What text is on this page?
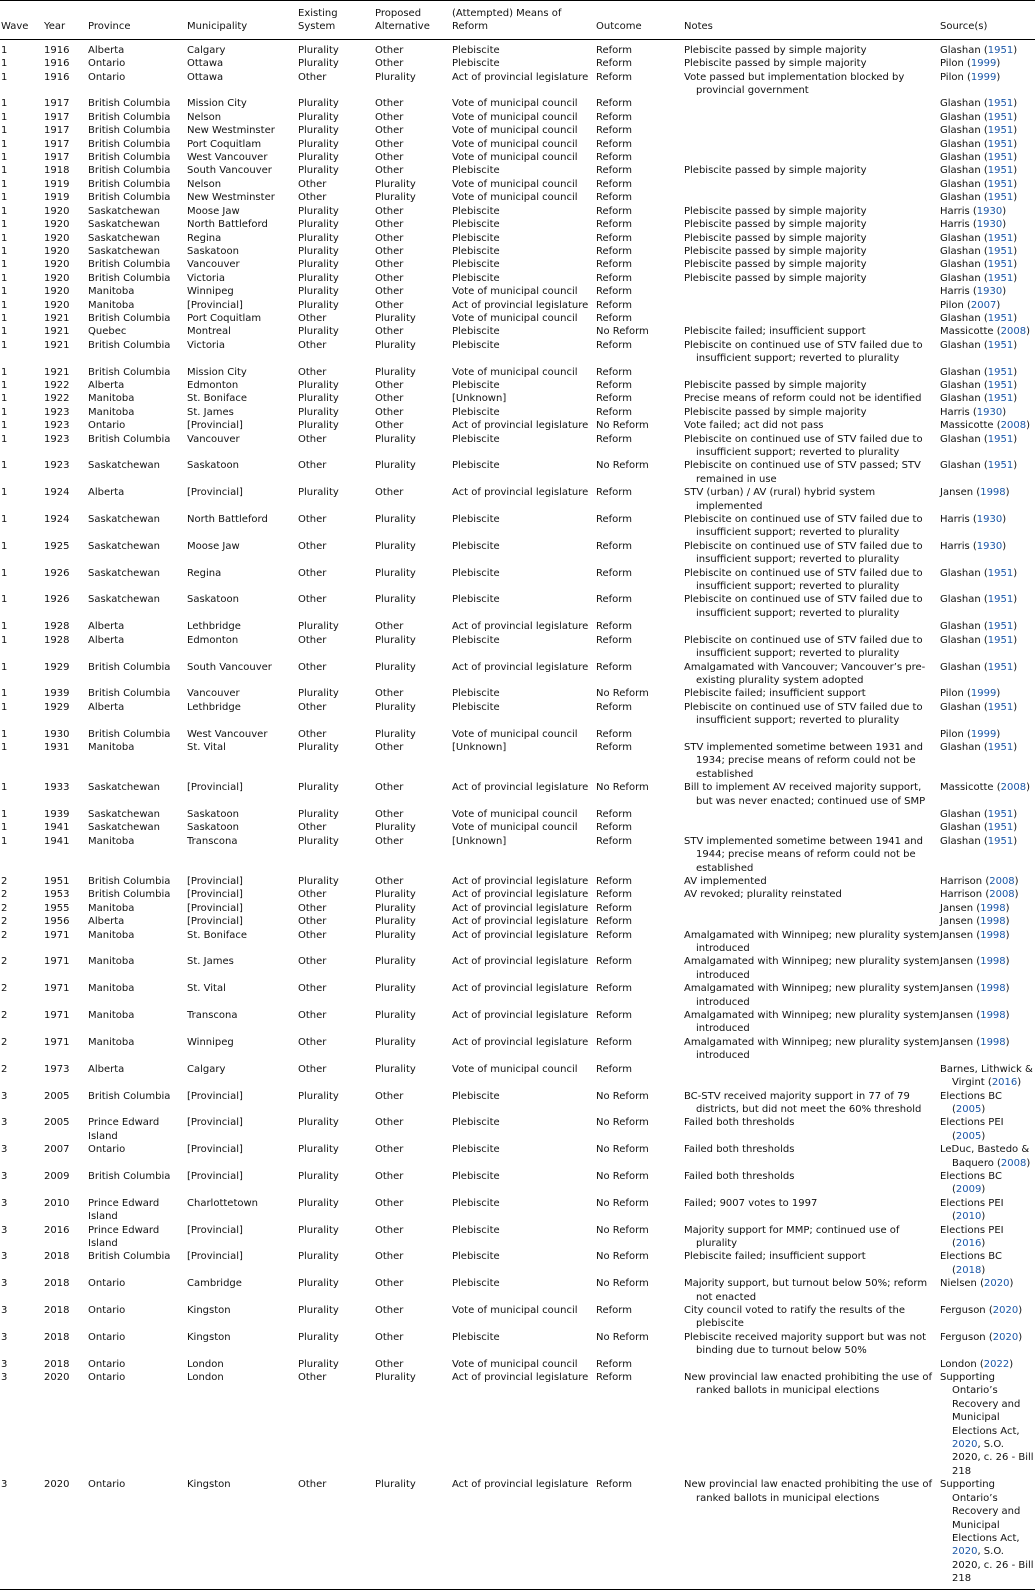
Wave	Year	Province	Municipality	Existing System	Proposed Alternative	(Attempted) Means of Reform	Outcome	Notes	Source(s)
1	1916	Alberta	Calgary	Plurality	Other	Plebiscite	Reform	Plebiscite passed by simple majority	Glashan (1951)

1	1916	Ontario	Ottawa	Plurality	Other	Plebiscite	Reform	Plebiscite passed by simple majority	Pilon (1999)

1	1916	Ontario	Ottawa	Other	Plurality	Act of provincial legislature	Reform	Vote passed but implementation blocked by provincial government	Pilon (1999)

1	1917	British Columbia	Mission City	Plurality	Other	Vote of municipal council	Reform		Glashan (1951)

1	1917	British Columbia	Nelson	Plurality	Other	Vote of municipal council	Reform		Glashan (1951)

1	1917	British Columbia	New Westminster	Plurality	Other	Vote of municipal council	Reform		Glashan (1951)

1	1917	British Columbia	Port Coquitlam	Plurality	Other	Vote of municipal council	Reform		Glashan (1951)

1	1917	British Columbia	West Vancouver	Plurality	Other	Vote of municipal council	Reform		Glashan (1951)

1	1918	British Columbia	South Vancouver	Plurality	Other	Plebiscite	Reform	Plebiscite passed by simple majority	Glashan (1951)

1	1919	British Columbia	Nelson	Other	Plurality	Vote of municipal council	Reform		Glashan (1951)

1	1919	British Columbia	New Westminster	Other	Plurality	Vote of municipal council	Reform		Glashan (1951)

1	1920	Saskatchewan	Moose Jaw	Plurality	Other	Plebiscite	Reform	Plebiscite passed by simple majority	Harris (1930)

1	1920	Saskatchewan	North Battleford	Plurality	Other	Plebiscite	Reform	Plebiscite passed by simple majority	Harris (1930)

1	1920	Saskatchewan	Regina	Plurality	Other	Plebiscite	Reform	Plebiscite passed by simple majority	Glashan (1951)

1	1920	Saskatchewan	Saskatoon	Plurality	Other	Plebiscite	Reform	Plebiscite passed by simple majority	Glashan (1951)

1	1920	British Columbia	Vancouver	Plurality	Other	Plebiscite	Reform	Plebiscite passed by simple majority	Glashan (1951)

1	1920	British Columbia	Victoria	Plurality	Other	Plebiscite	Reform	Plebiscite passed by simple majority	Glashan (1951)

1	1920	Manitoba	Winnipeg	Plurality	Other	Vote of municipal council	Reform		Harris (1930)

1	1920	Manitoba	[Provincial]	Plurality	Other	Act of provincial legislature	Reform		Pilon (2007)

1	1921	British Columbia	Port Coquitlam	Other	Plurality	Vote of municipal council	Reform		Glashan (1951)

1	1921	Quebec	Montreal	Plurality	Other	Plebiscite	No Reform	Plebiscite failed; insufficient support	Massicotte (2008)

1	1921	British Columbia	Victoria	Other	Plurality	Plebiscite	Reform	Plebiscite on continued use of STV failed due to insufficient support; reverted to plurality	Glashan (1951)

1	1921	British Columbia	Mission City	Other	Plurality	Vote of municipal council	Reform		Glashan (1951)

1	1922	Alberta	Edmonton	Plurality	Other	Plebiscite	Reform	Plebiscite passed by simple majority	Glashan (1951)

1	1922	Manitoba	St. Boniface	Plurality	Other	[Unknown]	Reform	Precise means of reform could not be identified	Glashan (1951)

1	1923	Manitoba	St. James	Plurality	Other	Plebiscite	Reform	Plebiscite passed by simple majority	Harris (1930)

1	1923	Ontario	[Provincial]	Plurality	Other	Act of provincial legislature	No Reform	Vote failed; act did not pass	Massicotte (2008)

1	1923	British Columbia	Vancouver	Other	Plurality	Plebiscite	Reform	Plebiscite on continued use of STV failed due to insufficient support; reverted to plurality	Glashan (1951)

1	1923	Saskatchewan	Saskatoon	Other	Plurality	Plebiscite	No Reform	Plebiscite on continued use of STV passed; STV remained in use	Glashan (1951)

1	1924	Alberta	[Provincial]	Plurality	Other	Act of provincial legislature	Reform	STV (urban) / AV (rural) hybrid system implemented	Jansen (1998)

1	1924	Saskatchewan	North Battleford	Other	Plurality	Plebiscite	Reform	Plebiscite on continued use of STV failed due to insufficient support; reverted to plurality	Harris (1930)

1	1925	Saskatchewan	Moose Jaw	Other	Plurality	Plebiscite	Reform	Plebiscite on continued use of STV failed due to insufficient support; reverted to plurality	Harris (1930)

1	1926	Saskatchewan	Regina	Other	Plurality	Plebiscite	Reform	Plebiscite on continued use of STV failed due to insufficient support; reverted to plurality	Glashan (1951)

1	1926	Saskatchewan	Saskatoon	Other	Plurality	Plebiscite	Reform	Plebiscite on continued use of STV failed due to insufficient support; reverted to plurality	Glashan (1951)

1	1928	Alberta	Lethbridge	Plurality	Other	Act of provincial legislature	Reform		Glashan (1951)

1	1928	Alberta	Edmonton	Other	Plurality	Plebiscite	Reform	Plebiscite on continued use of STV failed due to insufficient support; reverted to plurality	Glashan (1951)

1	1929	British Columbia	South Vancouver	Other	Plurality	Act of provincial legislature	Reform	Amalgamated with Vancouver; Vancouver’s pre-existing plurality system adopted	Glashan (1951)

1	1939	British Columbia	Vancouver	Plurality	Other	Plebiscite	No Reform	Plebiscite failed; insufficient support	Pilon (1999)

1	1929	Alberta	Lethbridge	Other	Plurality	Plebiscite	Reform	Plebiscite on continued use of STV failed due to insufficient support; reverted to plurality	Glashan (1951)

1	1930	British Columbia	West Vancouver	Other	Plurality	Vote of municipal council	Reform		Pilon (1999)

1	1931	Manitoba	St. Vital	Plurality	Other	[Unknown]	Reform	STV implemented sometime between 1931 and 1934; precise means of reform could not be established	Glashan (1951)

1	1933	Saskatchewan	[Provincial]	Plurality	Other	Act of provincial legislature	No Reform	Bill to implement AV received majority support, but was never enacted; continued use of SMP	Massicotte (2008)

1	1939	Saskatchewan	Saskatoon	Plurality	Other	Vote of municipal council	Reform		Glashan (1951)

1	1941	Saskatchewan	Saskatoon	Other	Plurality	Vote of municipal council	Reform		Glashan (1951)

1	1941	Manitoba	Transcona	Plurality	Other	[Unknown]	Reform	STV implemented sometime between 1941 and 1944; precise means of reform could not be established	Glashan (1951)

2	1951	British Columbia	[Provincial]	Plurality	Other	Act of provincial legislature	Reform	AV implemented	Harrison (2008)

2	1953	British Columbia	[Provincial]	Other	Plurality	Act of provincial legislature	Reform	AV revoked; plurality reinstated	Harrison (2008)

2	1955	Manitoba	[Provincial]	Other	Plurality	Act of provincial legislature	Reform		Jansen (1998)

2	1956	Alberta	[Provincial]	Other	Plurality	Act of provincial legislature	Reform		Jansen (1998)

2	1971	Manitoba	St. Boniface	Other	Plurality	Act of provincial legislature	Reform	Amalgamated with Winnipeg; new plurality system introduced	Jansen (1998)

2	1971	Manitoba	St. James	Other	Plurality	Act of provincial legislature	Reform	Amalgamated with Winnipeg; new plurality system introduced	Jansen (1998)

2	1971	Manitoba	St. Vital	Other	Plurality	Act of provincial legislature	Reform	Amalgamated with Winnipeg; new plurality system introduced	Jansen (1998)

2	1971	Manitoba	Transcona	Other	Plurality	Act of provincial legislature	Reform	Amalgamated with Winnipeg; new plurality system introduced	Jansen (1998)

2	1971	Manitoba	Winnipeg	Other	Plurality	Act of provincial legislature	Reform	Amalgamated with Winnipeg; new plurality system introduced	Jansen (1998)

2	1973	Alberta	Calgary	Other	Plurality	Vote of municipal council	Reform		Barnes, Lithwick & Virgint (2016)

3	2005	British Columbia	[Provincial]	Plurality	Other	Plebiscite	No Reform	BC-STV received majority support in 77 of 79 districts, but did not meet the 60% threshold	Elections BC (2005)

3	2005	Prince Edward Island	[Provincial]	Plurality	Other	Plebiscite	No Reform	Failed both thresholds	Elections PEI (2005)

3	2007	Ontario	[Provincial]	Plurality	Other	Plebiscite	No Reform	Failed both thresholds	LeDuc, Bastedo & Baquero (2008)

3	2009	British Columbia	[Provincial]	Plurality	Other	Plebiscite	No Reform	Failed both thresholds	Elections BC (2009)

3	2010	Prince Edward Island	Charlottetown	Plurality	Other	Plebiscite	No Reform	Failed; 9007 votes to 1997	Elections PEI (2010)

3	2016	Prince Edward Island	[Provincial]	Plurality	Other	Plebiscite	No Reform	Majority support for MMP; continued use of plurality	Elections PEI (2016)

3	2018	British Columbia	[Provincial]	Plurality	Other	Plebiscite	No Reform	Plebiscite failed; insufficient support	Elections BC (2018)

3	2018	Ontario	Cambridge	Plurality	Other	Plebiscite	No Reform	Majority support, but turnout below 50%; reform not enacted	Nielsen (2020)

3	2018	Ontario	Kingston	Plurality	Other	Vote of municipal council	Reform	City council voted to ratify the results of the plebiscite	Ferguson (2020)

3	2018	Ontario	Kingston	Plurality	Other	Plebiscite	No Reform	Plebiscite received majority support but was not binding due to turnout below 50%	Ferguson (2020)

3	2018	Ontario	London	Plurality	Other	Vote of municipal council	Reform		London (2022)

3	2020	Ontario	London	Other	Plurality	Act of provincial legislature	Reform	New provincial law enacted prohibiting the use of ranked ballots in municipal elections	Supporting Ontario’s Recovery and Municipal Elections Act, 2020, S.O. 2020, c. 26 - Bill 218

3	2020	Ontario	Kingston	Other	Plurality	Act of provincial legislature	Reform	New provincial law enacted prohibiting the use of ranked ballots in municipal elections	Supporting Ontario’s Recovery and Municipal Elections Act, 2020, S.O. 2020, c. 26 - Bill 218
